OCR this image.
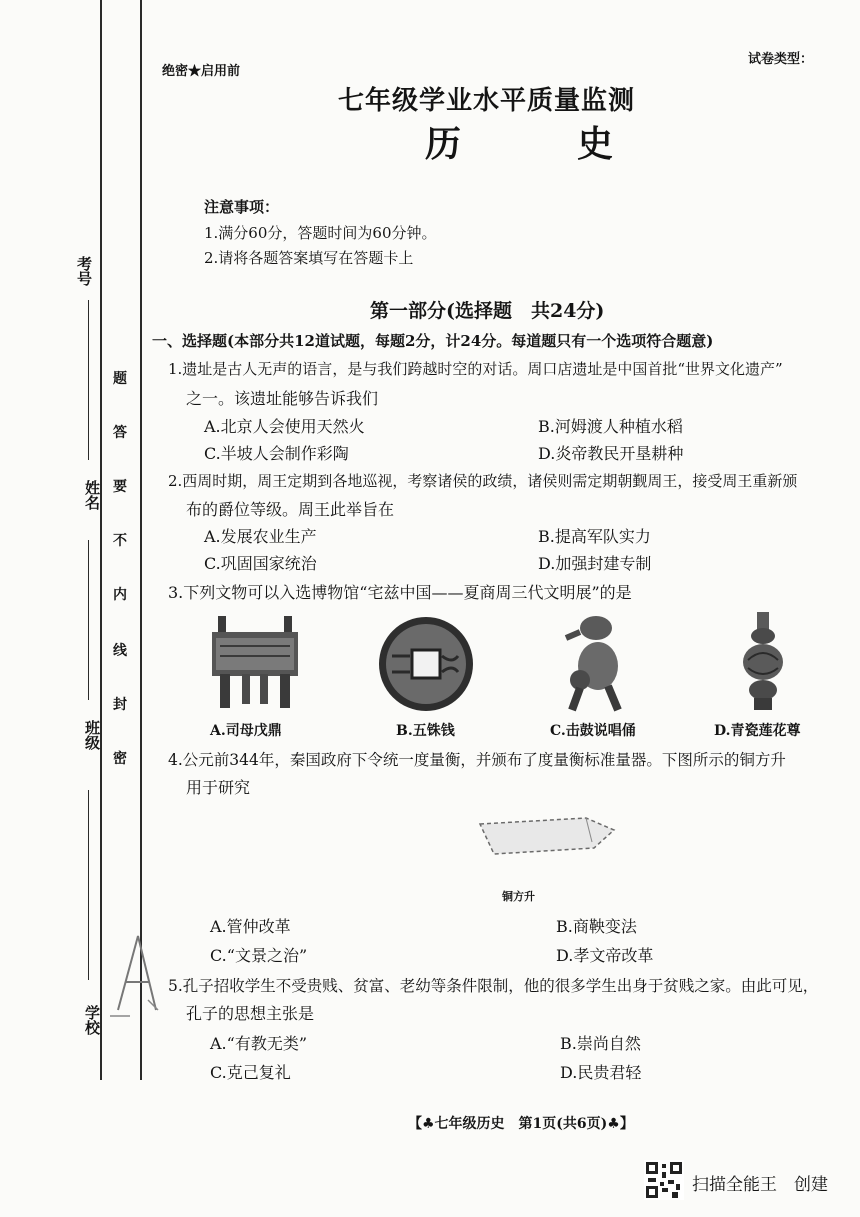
考号
姓名
班级
学校
题
答
要
不
内
线
封
密
绝密★启用前
试卷类型：
七年级学业水平质量监测
历　史
注意事项：
1.满分60分，答题时间为60分钟。
2.请将各题答案填写在答题卡上
第一部分(选择题　共24分)
一、选择题(本部分共12道试题，每题2分，计24分。每道题只有一个选项符合题意)
1.遗址是古人无声的语言，是与我们跨越时空的对话。周口店遗址是中国首批“世界文化遗产”
之一。该遗址能够告诉我们
A.北京人会使用天然火	B.河姆渡人种植水稻
C.半坡人会制作彩陶	D.炎帝教民开垦耕种
2.西周时期，周王定期到各地巡视，考察诸侯的政绩，诸侯则需定期朝觐周王，接受周王重新颁
布的爵位等级。周王此举旨在
A.发展农业生产	B.提高军队实力
C.巩固国家统治	D.加强封建专制
3.下列文物可以入选博物馆“宅兹中国——夏商周三代文明展”的是
A.司母戊鼎	B.五铢钱	C.击鼓说唱俑	D.青瓷莲花尊
4.公元前344年，秦国政府下令统一度量衡，并颁布了度量衡标准量器。下图所示的铜方升
用于研究
铜方升
A.管仲改革	B.商鞅变法
C.“文景之治”	D.孝文帝改革
5.孔子招收学生不受贵贱、贫富、老幼等条件限制，他的很多学生出身于贫贱之家。由此可见，
孔子的思想主张是
A.“有教无类”	B.崇尚自然
C.克己复礼	D.民贵君轻
【♣七年级历史　第1页(共6页)♣】
扫描全能王　创建
